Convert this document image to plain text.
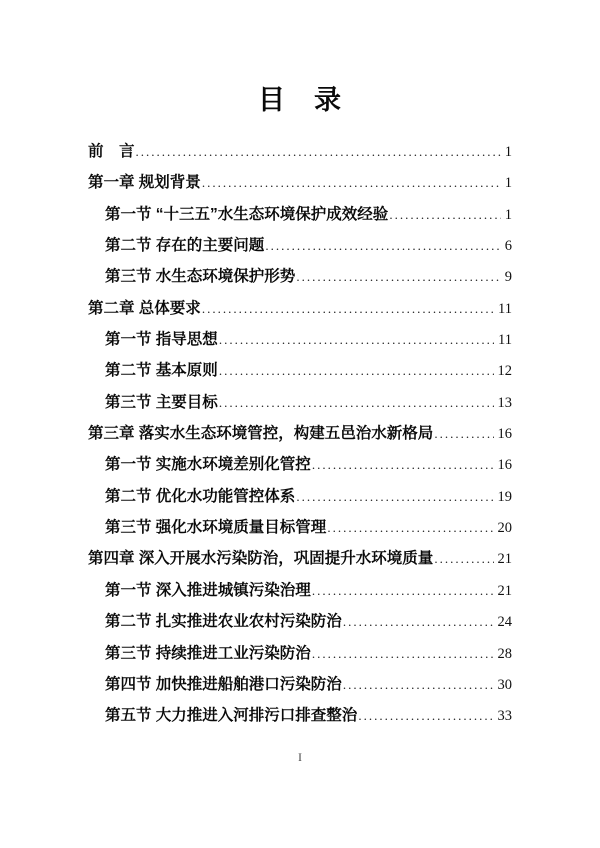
目　录
前　言 .....	1
第一章 规划背景 .....	1
第一节 “十三五”水生态环境保护成效经验 .....	1
第二节 存在的主要问题 .....	6
第三节 水生态环境保护形势 .....	9
第二章 总体要求 .....	11
第一节 指导思想 .....	11
第二节 基本原则 .....	12
第三节 主要目标 .....	13
第三章 落实水生态环境管控，构建五邑治水新格局 .....	16
第一节 实施水环境差别化管控 .....	16
第二节 优化水功能管控体系 .....	19
第三节 强化水环境质量目标管理 .....	20
第四章 深入开展水污染防治，巩固提升水环境质量 .....	21
第一节 深入推进城镇污染治理 .....	21
第二节 扎实推进农业农村污染防治 .....	24
第三节 持续推进工业污染防治 .....	28
第四节 加快推进船舶港口污染防治 .....	30
第五节 大力推进入河排污口排查整治 .....	33
I
